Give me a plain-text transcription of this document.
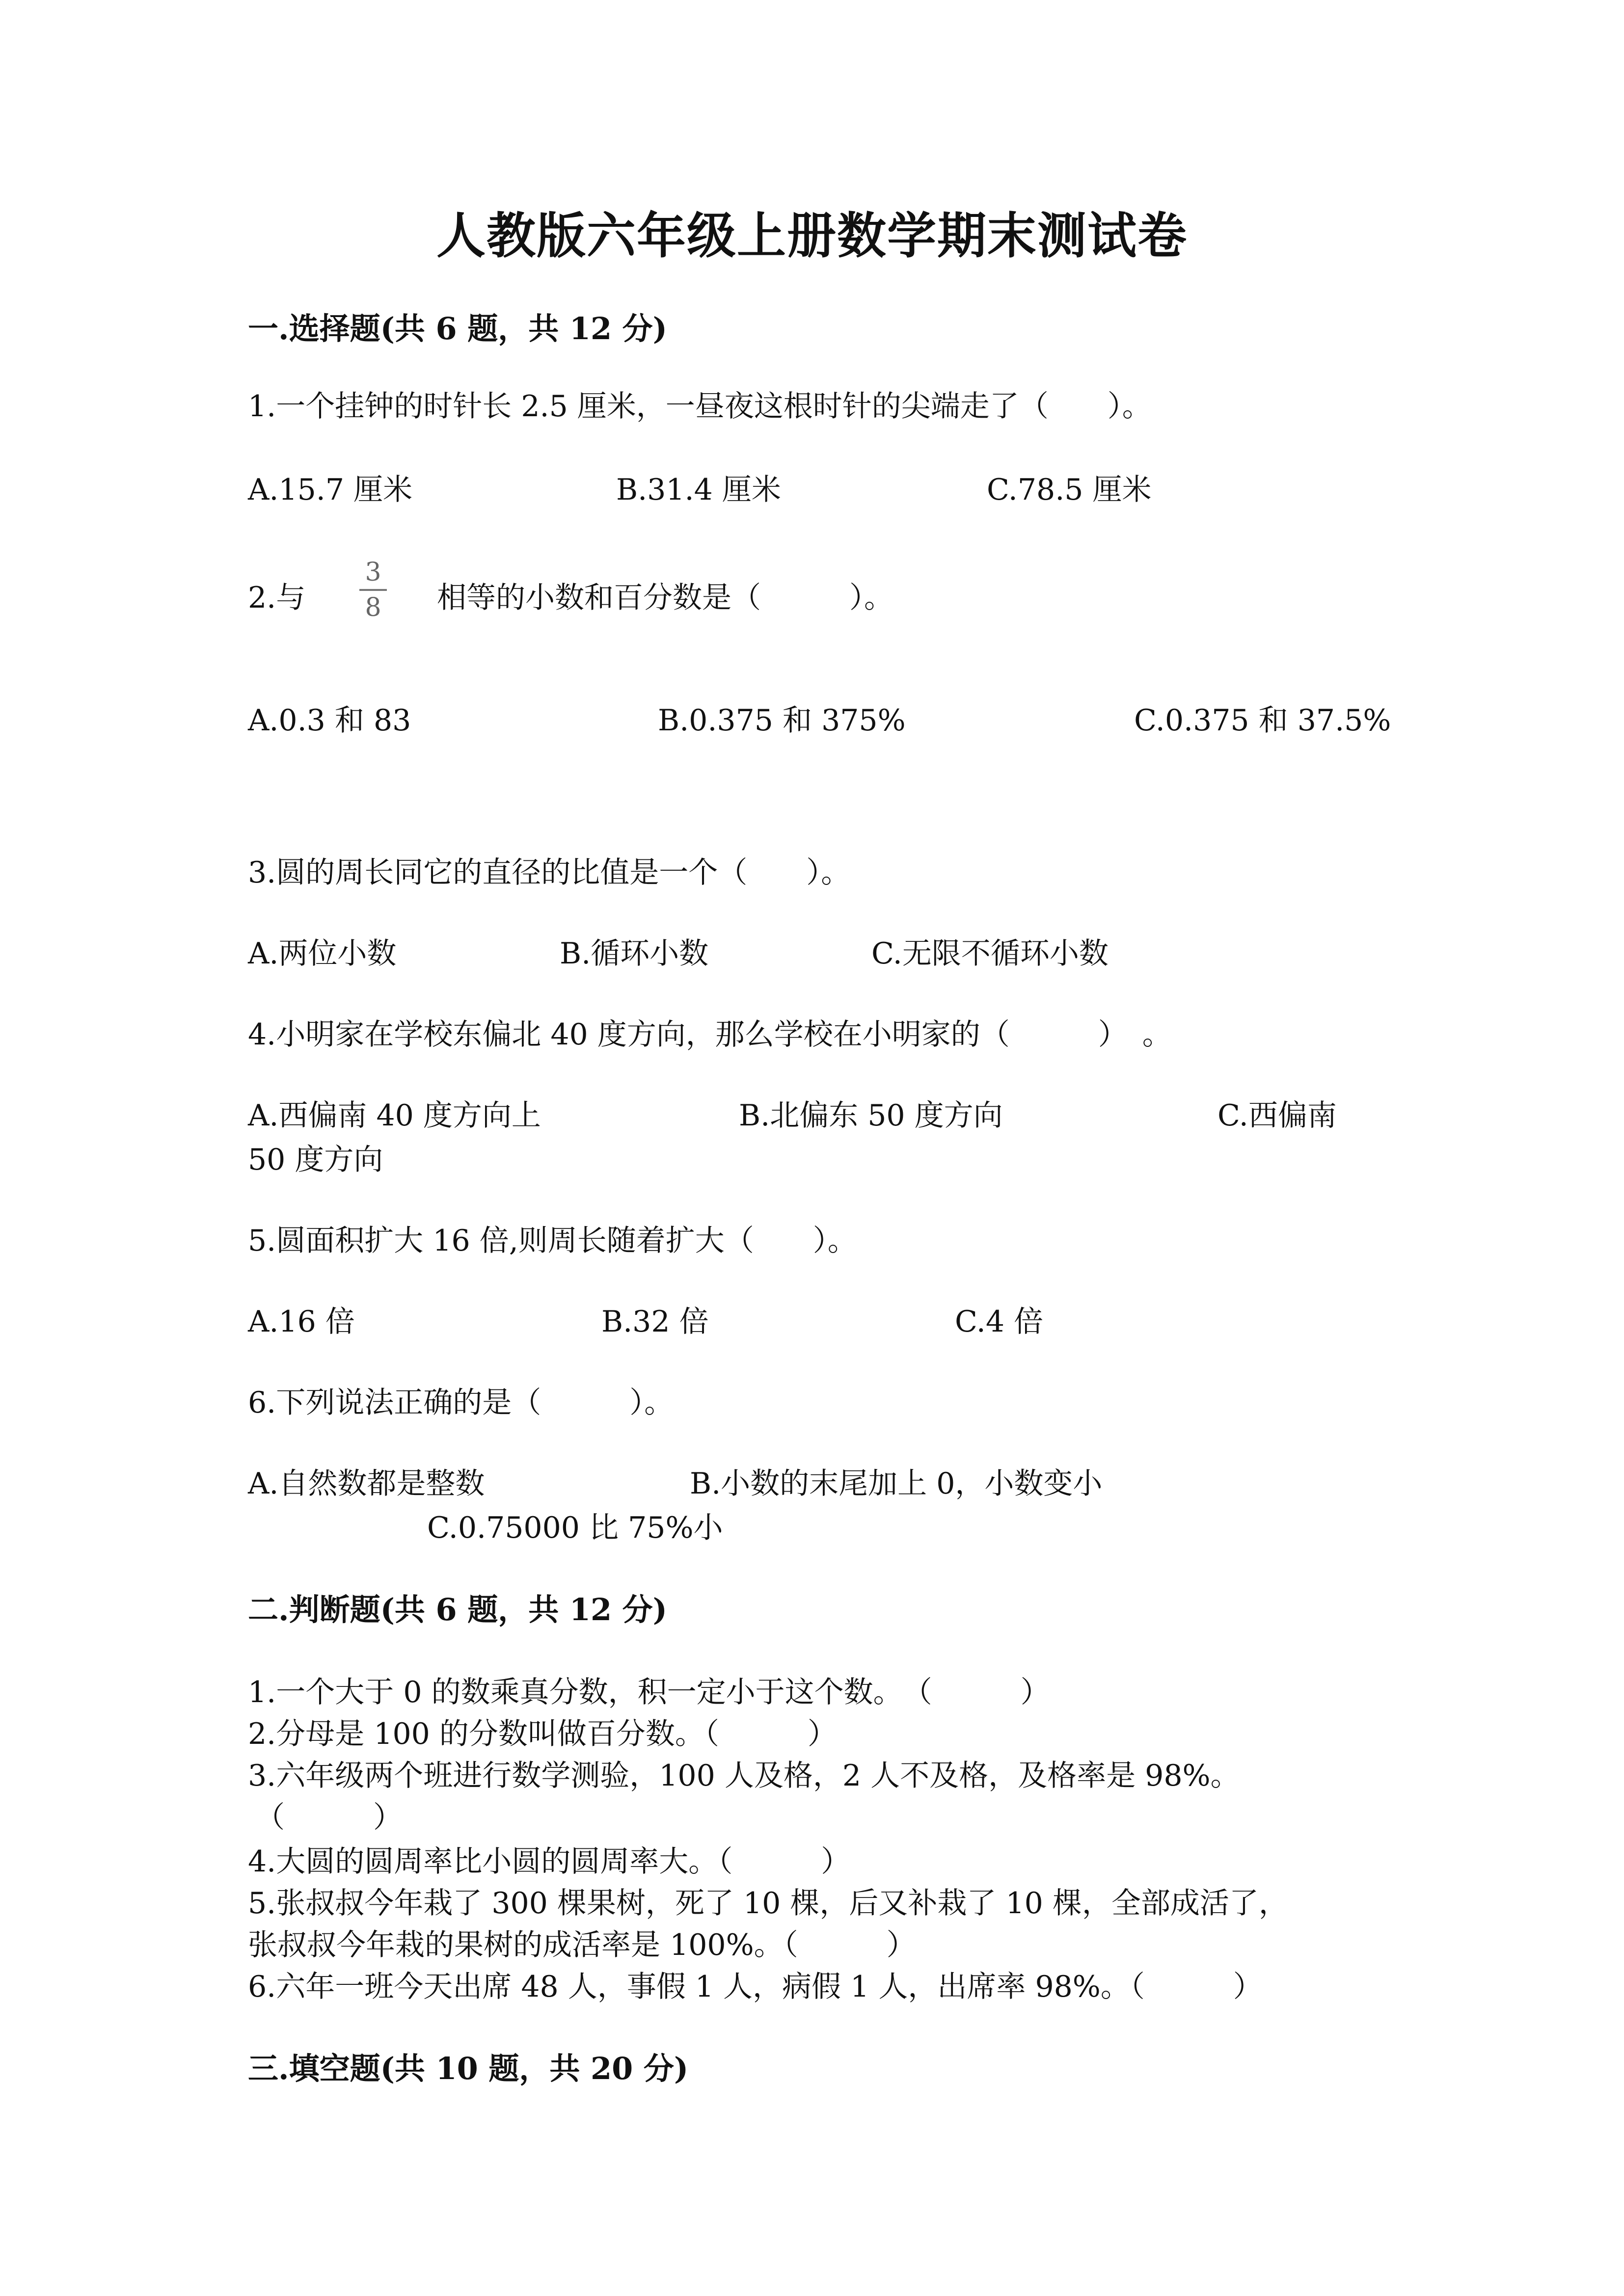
人教版六年级上册数学期末测试卷
一.选择题(共 6 题，共 12 分)
1.一个挂钟的时针长 2.5 厘米，一昼夜这根时针的尖端走了（　　）。
A.15.7 厘米	B.31.4 厘米	C.78.5 厘米
2.与
3
8 相等的小数和百分数是（　　　）。
A.0.3 和 83	B.0.375 和 375%	C.0.375 和 37.5%
3.圆的周长同它的直径的比值是一个（　　）。
A.两位小数	B.循环小数	C.无限不循环小数
4.小明家在学校东偏北 40 度方向，那么学校在小明家的（　　　）　。
A.西偏南 40 度方向上	B.北偏东 50 度方向	C.西偏南
50 度方向
5.圆面积扩大 16 倍,则周长随着扩大（　　）。
A.16 倍	B.32 倍	C.4 倍
6.下列说法正确的是（　　　）。
A.自然数都是整数	B.小数的末尾加上 0，小数变小
C.0.75000 比 75%小
二.判断题(共 6 题，共 12 分)
1.一个大于 0 的数乘真分数，积一定小于这个数。　（　　　）
2.分母是 100 的分数叫做百分数。（　　　）
3.六年级两个班进行数学测验，100 人及格，2 人不及格，及格率是 98%。
（　　　）
4.大圆的圆周率比小圆的圆周率大。（　　　）
5.张叔叔今年栽了 300 棵果树，死了 10 棵，后又补栽了 10 棵，全部成活了，
张叔叔今年栽的果树的成活率是 100%。（　　　）
6.六年一班今天出席 48 人，事假 1 人，病假 1 人，出席率 98%。（　　　）
三.填空题(共 10 题，共 20 分)
